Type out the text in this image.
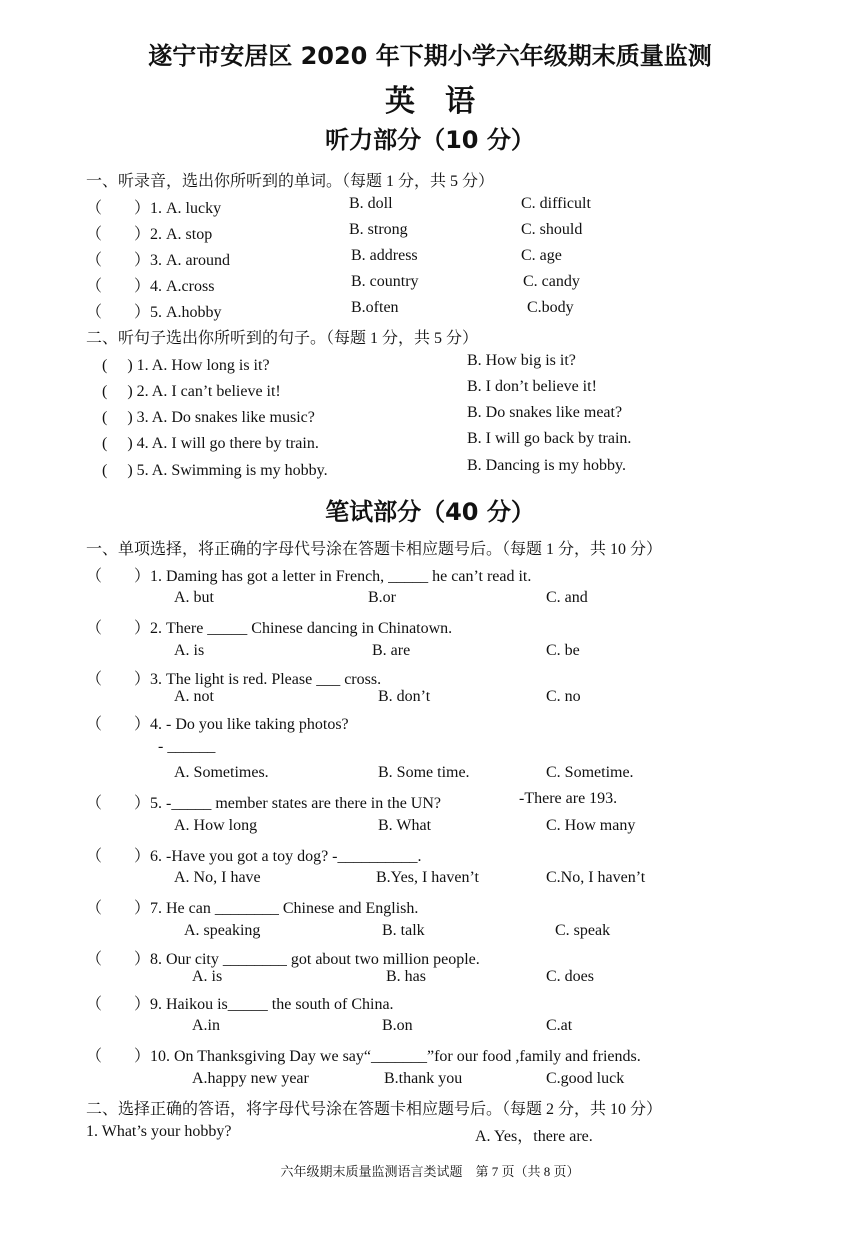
遂宁市安居区 2020 年下期小学六年级期末质量监测
英　语
听力部分（10 分）
一、听录音，选出你所听到的单词。（每题 1 分，共 5 分）
（　　）1. A. lucky	B. doll	C. difficult
（　　）2. A. stop	B. strong	C. should
（　　）3. A. around	B. address	C. age
（　　）4. A.cross	B. country	C. candy
（　　）5. A.hobby	B.often	C.body
二、听句子选出你所听到的句子。（每题 1 分，共 5 分）
(　 ) 1. A. How long is it?	B. How big is it?
(　 ) 2. A. I can’t believe it!	B. I don’t believe it!
(　 ) 3. A. Do snakes like music?	B. Do snakes like meat?
(　 ) 4. A. I will go there by train.	B. I will go back by train.
(　 ) 5. A. Swimming is my hobby.	B. Dancing is my hobby.
笔试部分（40 分）
一、单项选择，将正确的字母代号涂在答题卡相应题号后。（每题 1 分，共 10 分）
（　　）1. Daming has got a letter in French, _____ he can’t read it.
A. but	B.or	C. and
（　　）2. There _____ Chinese dancing in Chinatown.
A. is	B. are	C. be
（　　）3. The light is red. Please ___ cross.
A. not	B. don’t	C. no
（　　）4. - Do you like taking photos?
- ______
A. Sometimes.	B. Some time.	C. Sometime.
（　　）5. -_____ member states are there in the UN?	-There are 193.
A. How long	B. What	C. How many
（　　）6. -Have you got a toy dog? -__________.
A. No, I have	B.Yes, I haven’t	C.No, I haven’t
（　　）7. He can ________ Chinese and English.
A. speaking	B. talk	C. speak
（　　）8. Our city ________ got about two million people.
A. is	B. has	C. does
（　　）9. Haikou is_____ the south of China.
A.in	B.on	C.at
（　　）10. On Thanksgiving Day we say“_______”for our food ,family and friends.
A.happy new year	B.thank you	C.good luck
二、选择正确的答语，将字母代号涂在答题卡相应题号后。（每题 2 分，共 10 分）
1. What’s your hobby?	A. Yes，there are.
六年级期末质量监测语言类试题　第 7 页（共 8 页）
